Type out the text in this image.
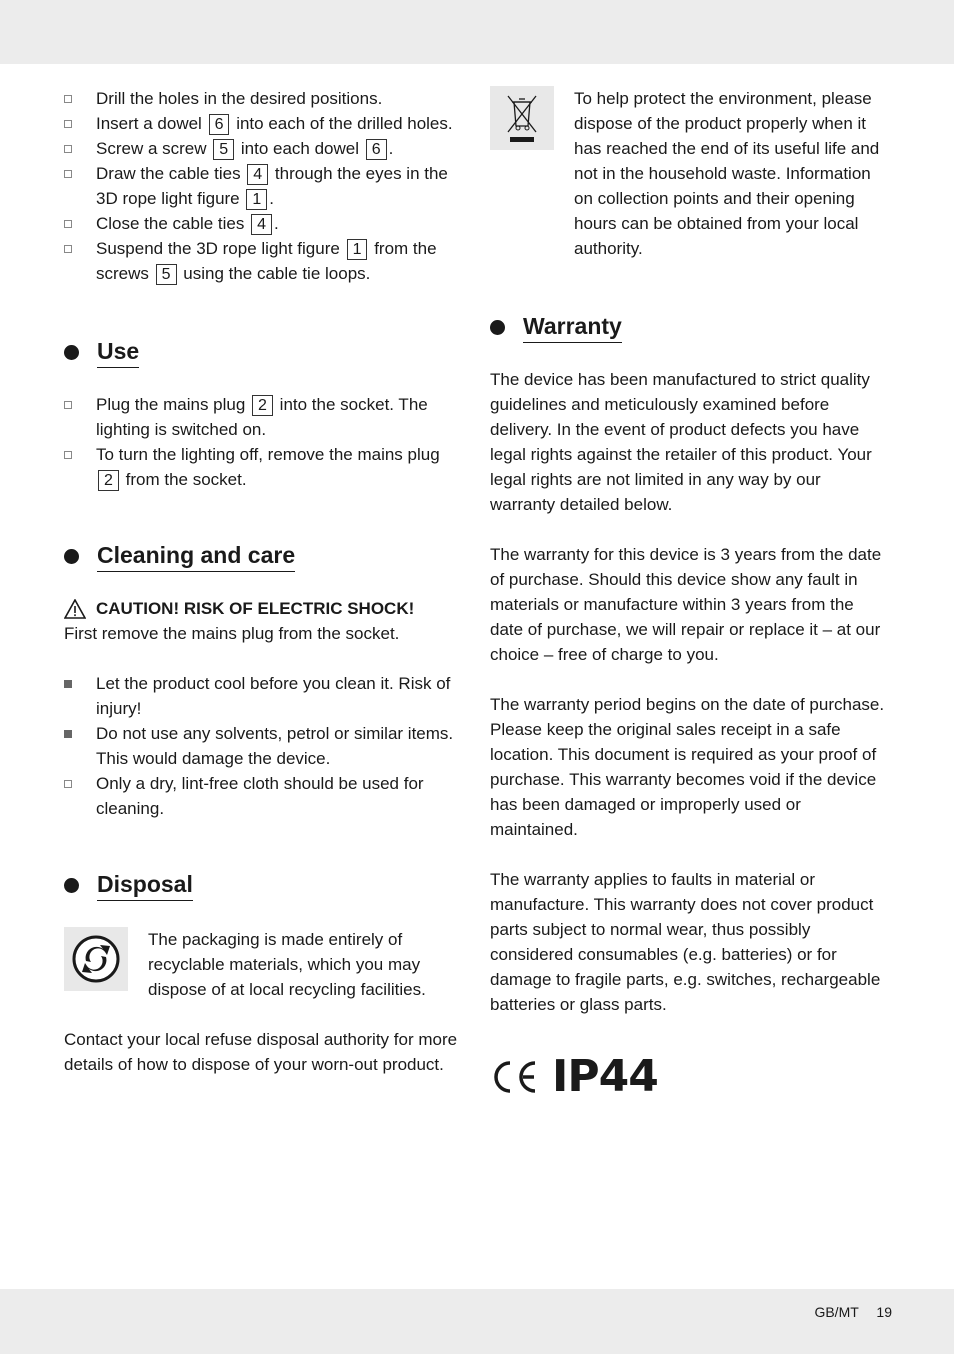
Drill the holes in the desired positions.
Insert a dowel 6 into each of the drilled holes.
Screw a screw 5 into each dowel 6 .
Draw the cable ties 4 through the eyes in the 3D rope light figure 1 .
Close the cable ties 4 .
Suspend the 3D rope light figure 1 from the screws 5 using the cable tie loops.
Use
Plug the mains plug 2 into the socket. The lighting is switched on.
To turn the lighting off, remove the mains plug 2 from the socket.
Cleaning and care
CAUTION! RISK OF ELECTRIC SHOCK!

First remove the mains plug from the socket.

Let the product cool before you clean it. Risk of injury!
Do not use any solvents, petrol or similar items. This would damage the device.
Only a dry, lint-free cloth should be used for cleaning.
Disposal

The packaging is made entirely of recyclable materials, which you may dispose of at local recycling facilities.

Contact your local refuse disposal authority for more details of how to dispose of your worn-out product.

To help protect the environment, please dispose of the product properly when it has reached the end of its useful life and not in the household waste. Information on collection points and their opening hours can be obtained from your local authority.

Warranty

The device has been manufactured to strict quality guidelines and meticulously examined before delivery. In the event of product defects you have legal rights against the retailer of this product. Your legal rights are not limited in any way by our warranty detailed below.

The warranty for this device is 3 years from the date of purchase. Should this device show any fault in materials or manufacture within 3 years from the date of purchase, we will repair or replace it – at our choice – free of charge to you.

The warranty period begins on the date of purchase. Please keep the original sales receipt in a safe location. This document is required as your proof of purchase. This warranty becomes void if the device has been damaged or improperly used or maintained.

The warranty applies to faults in material or manufacture. This warranty does not cover product parts subject to normal wear, thus possibly considered consumables (e.g. batteries) or for damage to fragile parts, e.g. switches, rechargeable batteries or glass parts.

IP44
GB/MT 19
